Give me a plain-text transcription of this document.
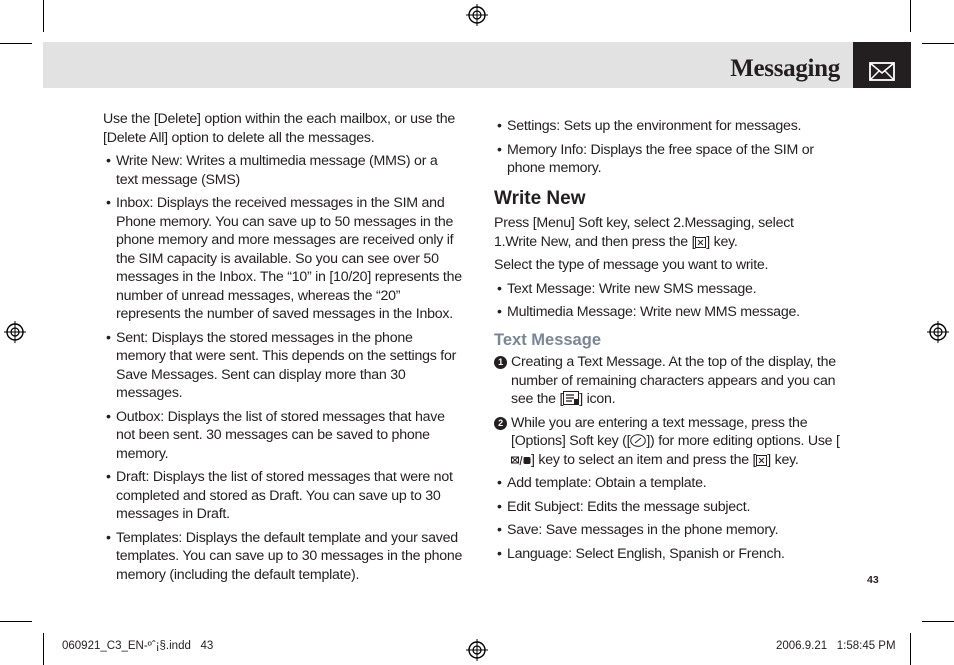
Messaging

Use the [Delete] option within the each mailbox, or use the [Delete All] option to delete all the messages.

• Write New: Writes a multimedia message (MMS) or a text message (SMS)
• Inbox: Displays the received messages in the SIM and Phone memory. You can save up to 50 messages in the phone memory and more messages are received only if the SIM capacity is available. So you can see over 50 messages in the Inbox. The “10” in [10/20] represents the number of unread messages, whereas the “20” represents the number of saved messages in the Inbox.
• Sent: Displays the stored messages in the phone memory that were sent. This depends on the settings for Save Messages. Sent can display more than 30 messages.
• Outbox: Displays the list of stored messages that have not been sent. 30 messages can be saved to phone memory.
• Draft: Displays the list of stored messages that were not completed and stored as Draft. You can save up to 30 messages in Draft.
• Templates: Displays the default template and your saved templates. You can save up to 30 messages in the phone memory (including the default template).
• Settings: Sets up the environment for messages.
• Memory Info: Displays the free space of the SIM or phone memory.
Write New

Press [Menu] Soft key, select 2.Messaging, select 1.Write New, and then press the [ ] key.

Select the type of message you want to write.

• Text Message: Write new SMS message.
• Multimedia Message: Write new MMS message.
Text Message
1 Creating a Text Message. At the top of the display, the number of remaining characters appears and you can see the [ ] icon.
2 While you are entering a text message, press the [Options] Soft key ([ ]) for more editing options. Use [] key to select an item and press the [ ] key.
• Add template: Obtain a template.
• Edit Subject: Edits the message subject.
• Save: Save messages in the phone memory.
• Language: Select English, Spanish or French.
43
060921_C3_EN-ºˆ¡§.indd   43	2006.9.21   1:58:45 PM
